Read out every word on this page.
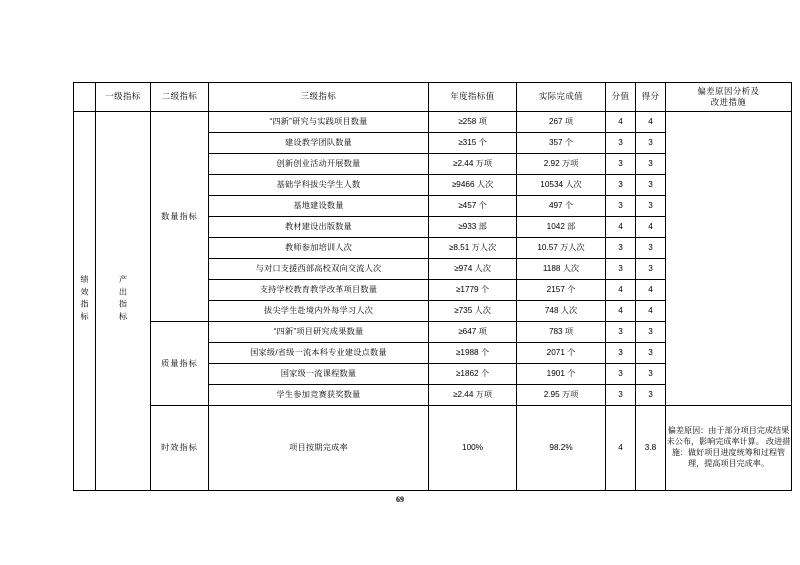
	一级指标	二级指标	三级指标	年度指标值	实际完成值	分值	得分	偏差原因分析及
改进措施

绩效指标	产出指标	数量指标	“四新”研究与实践项目数量	≥258 项	267 项	4	4	
			建设教学团队数量	≥315 个	357 个	3	3	
			创新创业活动开展数量	≥2.44 万项	2.92 万项	3	3	
			基础学科拔尖学生人数	≥9466 人次	10534 人次	3	3	
			基地建设数量	≥457 个	497 个	3	3	
			教材建设出版数量	≥933 部	1042 部	4	4	
			教师参加培训人次	≥8.51 万人次	10.57 万人次	3	3	
			与对口支援西部高校双向交流人次	≥974 人次	1188 人次	3	3	
			支持学校教育教学改革项目数量	≥1779 个	2157 个	4	4	
			拔尖学生赴境内外每学习人次	≥735 人次	748 人次	4	4	
		质量指标	“四新”项目研究成果数量	≥647 项	783 项	3	3	
			国家级/省级一流本科专业建设点数量	≥1988 个	2071 个	3	3	
			国家级一流课程数量	≥1862 个	1901 个	3	3	
			学生参加竞赛获奖数量	≥2.44 万项	2.95 万项	3	3	
		时效指标	项目按期完成率	100%	98.2%	4	3.8	偏差原因：由于部分项目完成结果未公布，影响完成率计算。 改进措施：做好项目进度统筹和过程管理，提高项目完成率。
69
